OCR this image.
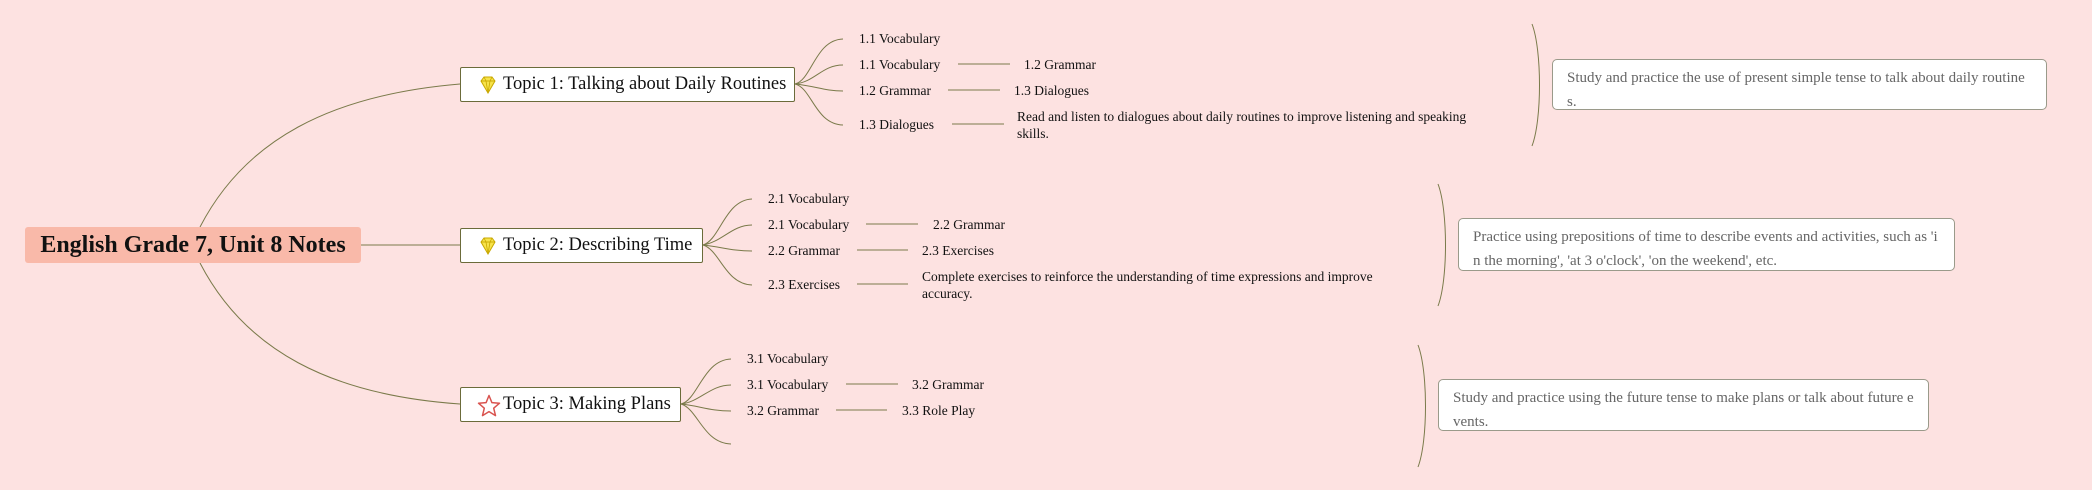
English Grade 7, Unit 8 Notes
Topic 1: Talking about Daily Routines
1.1 Vocabulary
1.1 Vocabulary
1.2 Grammar
1.3 Dialogues
1.2 Grammar
1.3 Dialogues
Read and listen to dialogues about daily routines to improve listening and speaking skills.
Study and practice the use of present simple tense to talk about daily routines.
Topic 2: Describing Time
2.1 Vocabulary
2.1 Vocabulary
2.2 Grammar
2.3 Exercises
2.2 Grammar
2.3 Exercises
Complete exercises to reinforce the understanding of time expressions and improve accuracy.
Practice using prepositions of time to describe events and activities, such as 'in the morning', 'at 3 o'clock', 'on the weekend', etc.
Topic 3: Making Plans
3.1 Vocabulary
3.1 Vocabulary
3.2 Grammar
3.2 Grammar
3.3 Role Play
Study and practice using the future tense to make plans or talk about future events.
